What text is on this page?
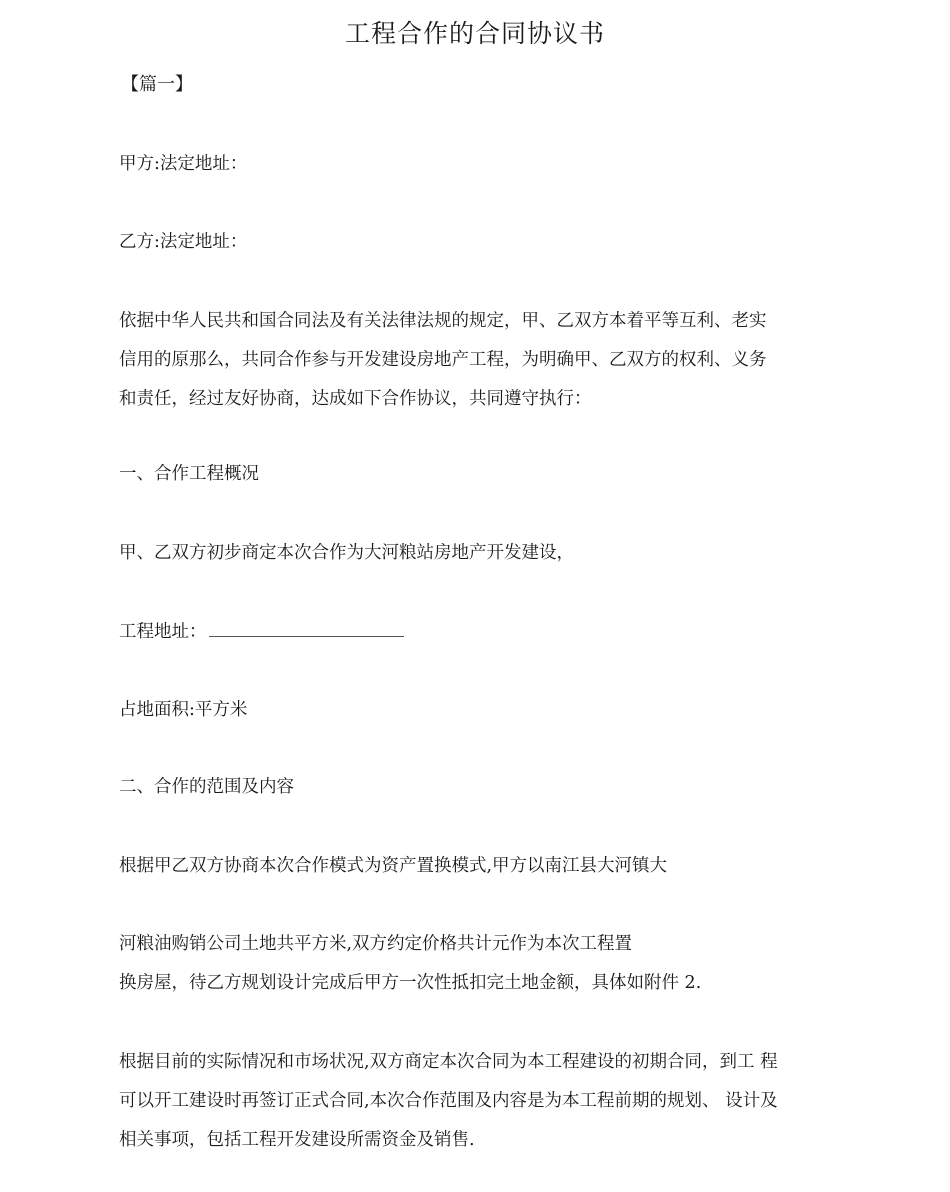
工程合作的合同协议书
【篇一】
甲方:法定地址：
乙方:法定地址：
依据中华人民共和国合同法及有关法律法规的规定，甲、乙双方本着平等互利、老实
信用的原那么，共同合作参与开发建设房地产工程，为明确甲、乙双方的权利、义务
和责任，经过友好协商，达成如下合作协议，共同遵守执行：
一、合作工程概况
甲、乙双方初步商定本次合作为大河粮站房地产开发建设，
工程地址：
占地面积:平方米
二、合作的范围及内容
根据甲乙双方协商本次合作模式为资产置换模式,甲方以南江县大河镇大
河粮油购销公司土地共平方米,双方约定价格共计元作为本次工程置
换房屋，待乙方规划设计完成后甲方一次性抵扣完土地金额，具体如附件 2.
根据目前的实际情况和市场状况,双方商定本次合同为本工程建设的初期合同，到工 程
可以开工建设时再签订正式合同,本次合作范围及内容是为本工程前期的规划、 设计及
相关事项，包括工程开发建设所需资金及销售.
